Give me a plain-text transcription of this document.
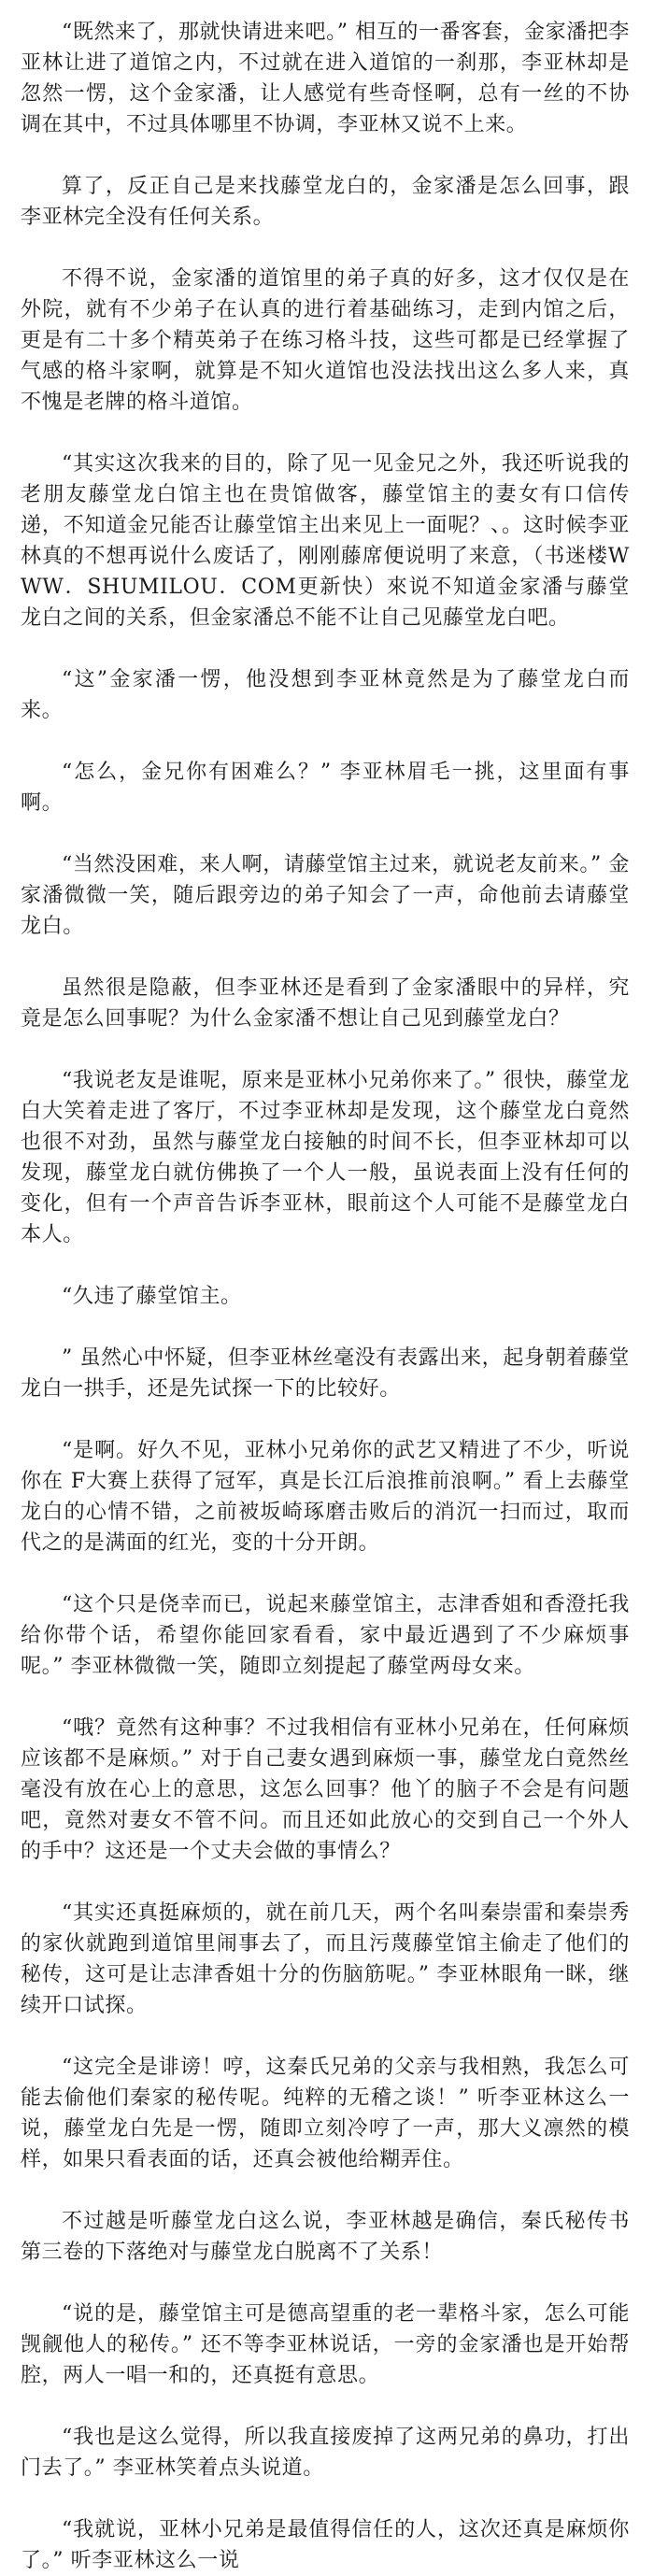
“既然来了，那就快请进来吧。” 相互的一番客套，金家潘把李亚林让进了道馆之内，不过就在进入道馆的一刹那，李亚林却是忽然一愣，这个金家潘，让人感觉有些奇怪啊，总有一丝的不协调在其中，不过具体哪里不协调，李亚林又说不上来。

算了，反正自己是来找藤堂龙白的，金家潘是怎么回事，跟李亚林完全没有任何关系。

不得不说，金家潘的道馆里的弟子真的好多，这才仅仅是在外院，就有不少弟子在认真的进行着基础练习，走到内馆之后，更是有二十多个精英弟子在练习格斗技，这些可都是已经掌握了气感的格斗家啊，就算是不知火道馆也没法找出这么多人来，真不愧是老牌的格斗道馆。

“其实这次我来的目的，除了见一见金兄之外，我还听说我的老朋友藤堂龙白馆主也在贵馆做客，藤堂馆主的妻女有口信传递，不知道金兄能否让藤堂馆主出来见上一面呢？、。这时候李亚林真的不想再说什么废话了，刚刚藤席便说明了来意，（书迷楼WWW．SHUMILOU．COM更新快）來说不知道金家潘与藤堂龙白之间的关系，但金家潘总不能不让自己见藤堂龙白吧。

“这”金家潘一愣，他没想到李亚林竟然是为了藤堂龙白而来。

“怎么，金兄你有困难么？” 李亚林眉毛一挑，这里面有事啊。

“当然没困难，来人啊，请藤堂馆主过来，就说老友前来。” 金家潘微微一笑，随后跟旁边的弟子知会了一声，命他前去请藤堂龙白。

虽然很是隐蔽，但李亚林还是看到了金家潘眼中的异样，究竟是怎么回事呢？为什么金家潘不想让自己见到藤堂龙白？

“我说老友是谁呢，原来是亚林小兄弟你来了。” 很快，藤堂龙白大笑着走进了客厅，不过李亚林却是发现，这个藤堂龙白竟然也很不对劲，虽然与藤堂龙白接触的时间不长，但李亚林却可以发现，藤堂龙白就仿佛换了一个人一般，虽说表面上没有任何的变化，但有一个声音告诉李亚林，眼前这个人可能不是藤堂龙白本人。

“久违了藤堂馆主。

” 虽然心中怀疑，但李亚林丝毫没有表露出来，起身朝着藤堂龙白一拱手，还是先试探一下的比较好。

“是啊。好久不见，亚林小兄弟你的武艺又精进了不少，听说你在 F大赛上获得了冠军，真是长江后浪推前浪啊。” 看上去藤堂龙白的心情不错，之前被坂崎琢磨击败后的消沉一扫而过，取而代之的是满面的红光，变的十分开朗。

“这个只是侥幸而已，说起来藤堂馆主，志津香姐和香澄托我给你带个话，希望你能回家看看，家中最近遇到了不少麻烦事呢。” 李亚林微微一笑，随即立刻提起了藤堂两母女来。

“哦？竟然有这种事？不过我相信有亚林小兄弟在，任何麻烦应该都不是麻烦。” 对于自己妻女遇到麻烦一事，藤堂龙白竟然丝毫没有放在心上的意思，这怎么回事？他丫的脑子不会是有问题吧，竟然对妻女不管不问。而且还如此放心的交到自己一个外人的手中？这还是一个丈夫会做的事情么？

“其实还真挺麻烦的，就在前几天，两个名叫秦崇雷和秦崇秀的家伙就跑到道馆里闹事去了，而且污蔑藤堂馆主偷走了他们的秘传，这可是让志津香姐十分的伤脑筋呢。” 李亚林眼角一眯，继续开口试探。

“这完全是诽谤！哼，这秦氏兄弟的父亲与我相熟，我怎么可能去偷他们秦家的秘传呢。纯粹的无稽之谈！” 听李亚林这么一说，藤堂龙白先是一愣，随即立刻冷哼了一声，那大义凛然的模样，如果只看表面的话，还真会被他给糊弄住。

不过越是听藤堂龙白这么说，李亚林越是确信，秦氏秘传书第三卷的下落绝对与藤堂龙白脱离不了关系！

“说的是，藤堂馆主可是德高望重的老一辈格斗家，怎么可能觊觎他人的秘传。” 还不等李亚林说话，一旁的金家潘也是开始帮腔，两人一唱一和的，还真挺有意思。

“我也是这么觉得，所以我直接废掉了这两兄弟的鼻功，打出门去了。” 李亚林笑着点头说道。

“我就说，亚林小兄弟是最值得信任的人，这次还真是麻烦你了。” 听李亚林这么一说
